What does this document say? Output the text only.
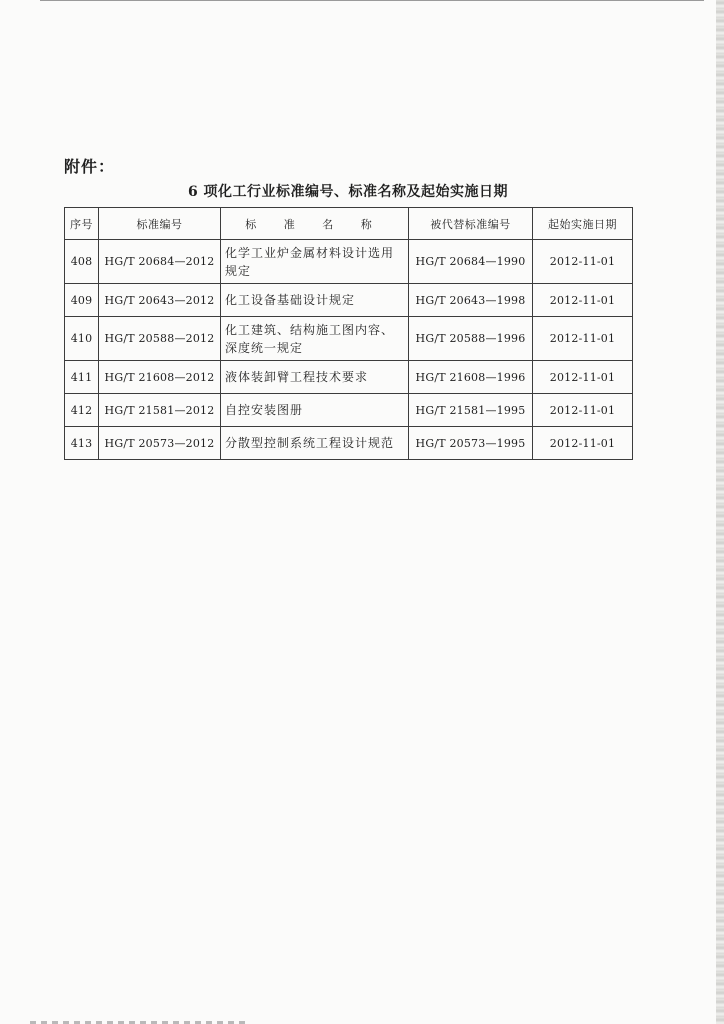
附件：
6 项化工行业标准编号、标准名称及起始实施日期
序号	标准编号	标 准 名 称	被代替标准编号	起始实施日期
408	HG/T 20684—2012	化学工业炉金属材料设计选用规定	HG/T 20684—1990	2012-11-01
409	HG/T 20643—2012	化工设备基础设计规定	HG/T 20643—1998	2012-11-01
410	HG/T 20588—2012	化工建筑、结构施工图内容、深度统一规定	HG/T 20588—1996	2012-11-01
411	HG/T 21608—2012	液体装卸臂工程技术要求	HG/T 21608—1996	2012-11-01
412	HG/T 21581—2012	自控安装图册	HG/T 21581—1995	2012-11-01
413	HG/T 20573—2012	分散型控制系统工程设计规范	HG/T 20573—1995	2012-11-01
